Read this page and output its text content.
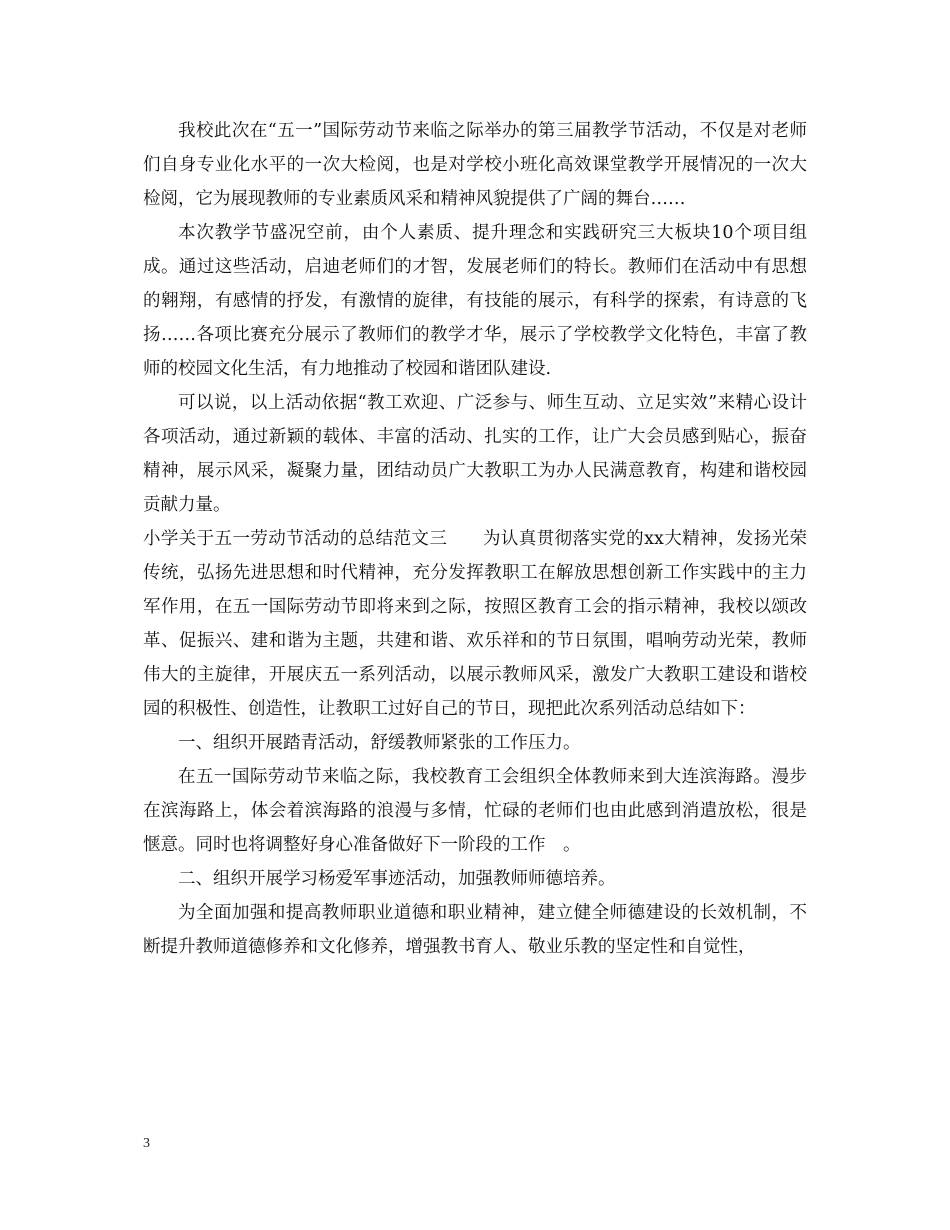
我校此次在“五一”国际劳动节来临之际举办的第三届教学节活动，不仅是对老师们自身专业化水平的一次大检阅，也是对学校小班化高效课堂教学开展情况的一次大检阅，它为展现教师的专业素质风采和精神风貌提供了广阔的舞台……

本次教学节盛况空前，由个人素质、提升理念和实践研究三大板块10个项目组成。通过这些活动，启迪老师们的才智，发展老师们的特长。教师们在活动中有思想的翱翔，有感情的抒发，有激情的旋律，有技能的展示，有科学的探索，有诗意的飞扬……各项比赛充分展示了教师们的教学才华，展示了学校教学文化特色，丰富了教师的校园文化生活，有力地推动了校园和谐团队建设.

可以说，以上活动依据“教工欢迎、广泛参与、师生互动、立足实效”来精心设计各项活动，通过新颖的载体、丰富的活动、扎实的工作，让广大会员感到贴心，振奋精神，展示风采，凝聚力量，团结动员广大教职工为办人民满意教育，构建和谐校园贡献力量。

小学关于五一劳动节活动的总结范文三　　为认真贯彻落实党的xx大精神，发扬光荣传统，弘扬先进思想和时代精神，充分发挥教职工在解放思想创新工作实践中的主力军作用，在五一国际劳动节即将来到之际，按照区教育工会的指示精神，我校以颂改革、促振兴、建和谐为主题，共建和谐、欢乐祥和的节日氛围，唱响劳动光荣，教师伟大的主旋律，开展庆五一系列活动，以展示教师风采，激发广大教职工建设和谐校园的积极性、创造性，让教职工过好自己的节日，现把此次系列活动总结如下：

一、组织开展踏青活动，舒缓教师紧张的工作压力。

在五一国际劳动节来临之际，我校教育工会组织全体教师来到大连滨海路。漫步在滨海路上，体会着滨海路的浪漫与多情，忙碌的老师们也由此感到消遣放松，很是惬意。同时也将调整好身心准备做好下一阶段的工作　。

二、组织开展学习杨爱军事迹活动，加强教师师德培养。

为全面加强和提高教师职业道德和职业精神，建立健全师德建设的长效机制，不断提升教师道德修养和文化修养，增强教书育人、敬业乐教的坚定性和自觉性，

3
